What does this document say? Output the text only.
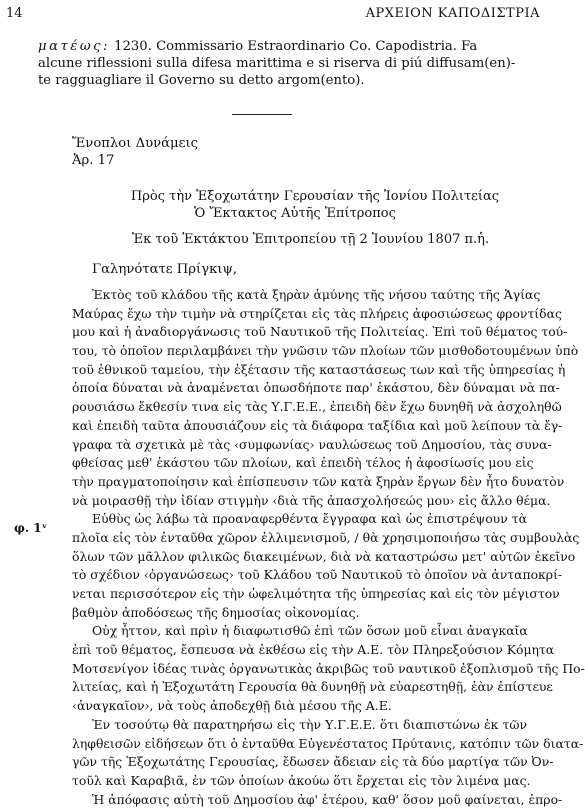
14	ΑΡΧΕΙΟΝ ΚΑΠΟΔΙΣΤΡΙΑ

ματέως: 1230. Commissario Estraordinario Co. Capodistria. Fa

alcune riflessioni sulla difesa marittima e si riserva di piú diffusam(en)-

te ragguagliare il Governo su detto argom(ento).

Ἔνοπλοι Δυνάμεις
Ἀρ. 17
Πρὸς τὴν Ἐξοχωτάτην Γερουσίαν τῆς Ἰονίου Πολιτείας
Ὁ Ἔκτακτος Αὐτῆς Ἐπίτροπος
Ἐκ τοῦ Ἐκτάκτου Ἐπιτροπείου τῇ 2 Ἰουνίου 1807 π.ἡ.
Γαληνότατε Πρίγκιψ,
φ. 1ᵛ
Ἐκτὸς τοῦ κλάδου τῆς κατὰ ξηρὰν ἀμύνης τῆς νήσου ταύτης τῆς Ἁγίας
Μαύρας ἔχω τὴν τιμὴν νὰ στηρίζεται εἰς τὰς πλήρεις ἀφοσιώσεως φροντίδας
μου καὶ ἡ ἀναδιοργάνωσις τοῦ Ναυτικοῦ τῆς Πολιτείας. Ἐπὶ τοῦ θέματος τού-
του, τὸ ὁποῖον περιλαμβάνει τὴν γνῶσιν τῶν πλοίων τῶν μισθοδοτουμένων ὑπὸ
τοῦ ἐθνικοῦ ταμείου, τὴν ἐξέτασιν τῆς καταστάσεως των καὶ τῆς ὑπηρεσίας ἡ
ὁποία δύναται νὰ ἀναμένεται ὁπωσδήποτε παρ' ἑκάστου, δὲν δύναμαι νὰ πα-
ρουσιάσω ἔκθεσίν τινα εἰς τὰς Υ.Γ.Ε.Ε., ἐπειδὴ δὲν ἔχω δυνηθῆ νὰ ἀσχοληθῶ
καὶ ἐπειδὴ ταῦτα ἀπουσιάζουν εἰς τὰ διάφορα ταξίδια καὶ μοῦ λείπουν τὰ ἔγ-
γραφα τὰ σχετικὰ μὲ τὰς ‹συμφωνίας› ναυλώσεως τοῦ Δημοσίου, τὰς συνα-
φθείσας μεθ' ἑκάστου τῶν πλοίων, καὶ ἐπειδὴ τέλος ἡ ἀφοσίωσίς μου εἰς
τὴν πραγματοποίησιν καὶ ἐπίσπευσιν τῶν κατὰ ξηρὰν ἔργων δὲν ἦτο δυνατὸν
νὰ μοιρασθῇ τὴν ἰδίαν στιγμὴν ‹διὰ τῆς ἀπασχολήσεώς μου› εἰς ἄλλο θέμα.
Εὐθὺς ὡς λάβω τὰ προαναφερθέντα ἔγγραφα καὶ ὡς ἐπιστρέψουν τὰ
πλοῖα εἰς τὸν ἐνταῦθα χῶρον ἐλλιμενισμοῦ, / θὰ χρησιμοποιήσω τὰς συμβουλὰς
ὅλων τῶν μᾶλλον φιλικῶς διακειμένων, διὰ νὰ καταστρώσω μετ' αὐτῶν ἐκεῖνο
τὸ σχέδιον ‹ὀργανώσεως› τοῦ Κλάδου τοῦ Ναυτικοῦ τὸ ὁποῖον νὰ ἀνταποκρί-
νεται περισσότερον εἰς τὴν ὠφελιμότητα τῆς ὑπηρεσίας καὶ εἰς τὸν μέγιστον
βαθμὸν ἀποδόσεως τῆς δημοσίας οἰκονομίας.
Οὐχ ἧττον, καὶ πρὶν ἡ διαφωτισθῶ ἐπὶ τῶν ὅσων μοῦ εἶναι ἀναγκαῖα
ἐπὶ τοῦ θέματος, ἔσπευσα νὰ ἐκθέσω εἰς τὴν Α.Ε. τὸν Πληρεξούσιον Κόμητα
Μοτσενίγον ἰδέας τινὰς ὀργανωτικὰς ἀκριβῶς τοῦ ναυτικοῦ ἐξοπλισμοῦ τῆς Πο-
λιτείας, καὶ ἡ Ἐξοχωτάτη Γερουσία θὰ δυνηθῇ νὰ εὐαρεστηθῇ, ἐὰν ἐπίστευε
‹ἀναγκαῖον›, νὰ τοὺς ἀποδεχθῇ διὰ μέσου τῆς Α.Ε.
Ἐν τοσούτῳ θὰ παρατηρήσω εἰς τὴν Υ.Γ.Ε.Ε. ὅτι διαπιστώνω ἐκ τῶν
ληφθεισῶν εἰδήσεων ὅτι ὁ ἐνταῦθα Εὐγενέστατος Πρύτανις, κατόπιν τῶν διατα-
γῶν τῆς Ἐξοχωτάτης Γερουσίας, ἔδωσεν ἄδειαν εἰς τὰ δύο μαρτίγα τῶν Ὀν-
τοῦλ καὶ Καραβιᾶ, ἐν τῶν ὁποίων ἀκούω ὅτι ἔρχεται εἰς τὸν λιμένα μας.
Ἡ ἀπόφασις αὐτὴ τοῦ Δημοσίου ἀφ' ἑτέρου, καθ' ὅσον μοῦ φαίνεται, ἐπρο-
